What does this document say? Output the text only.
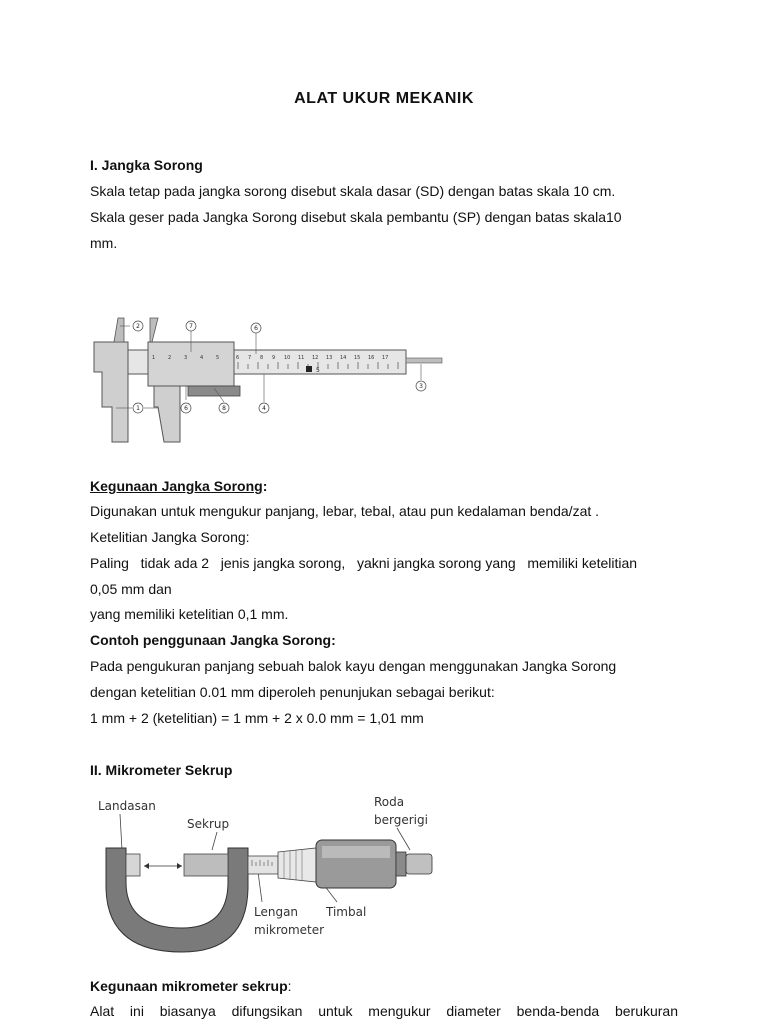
ALAT UKUR MEKANIK
I. Jangka Sorong
Skala tetap pada jangka sorong disebut skala dasar (SD) dengan batas skala 10 cm.
Skala geser pada Jangka Sorong disebut skala pembantu (SP) dengan batas skala10
mm.
1	2	3	4	5	6 7 8 9 10 11 12 13 14 15 16 17
2	7	6
3
1	6	8	4
5
Kegunaan Jangka Sorong:
Digunakan untuk mengukur panjang, lebar, tebal, atau pun kedalaman benda/zat .
Ketelitian Jangka Sorong:
Paling   tidak ada 2   jenis jangka sorong,   yakni jangka sorong yang   memiliki ketelitian
0,05 mm dan
yang memiliki ketelitian 0,1 mm.
Contoh penggunaan Jangka Sorong:
Pada pengukuran panjang sebuah balok kayu dengan menggunakan Jangka Sorong
dengan ketelitian 0.01 mm diperoleh penunjukan sebagai berikut:
1 mm + 2 (ketelitian) = 1 mm + 2 x 0.0 mm = 1,01 mm
II. Mikrometer Sekrup
Landasan
Sekrup
Roda
bergerigi
Lengan
mikrometer
Timbal
Kegunaan mikrometer sekrup:
Alat ini biasanya difungsikan untuk mengukur diameter benda-benda berukuran
